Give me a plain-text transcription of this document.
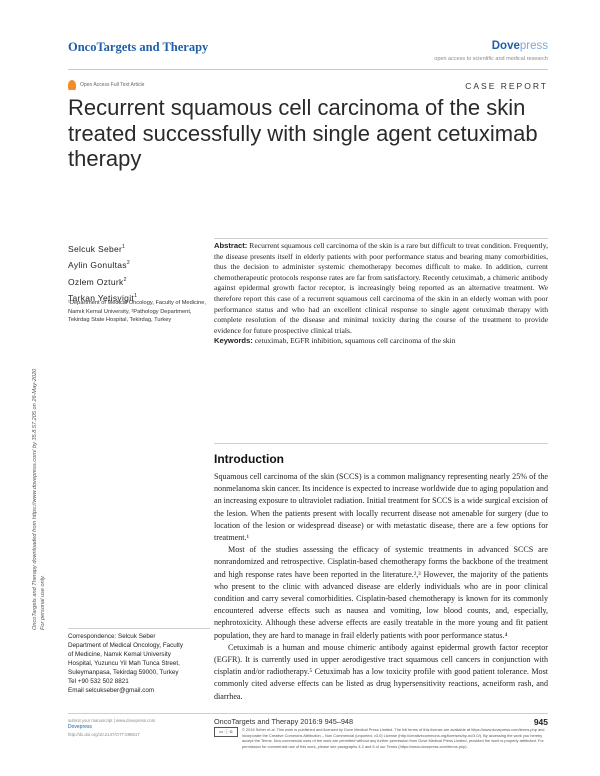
OncoTargets and Therapy	Dovepress
open access to scientific and medical research
Open Access Full Text Article	CASE REPORT
Recurrent squamous cell carcinoma of the skin treated successfully with single agent cetuximab therapy
OncoTargets and Therapy downloaded from https://www.dovepress.com/ by 35.8.57.205 on 26-May-2020 For personal use only.
Selcuk Seber$^1$
Aylin Gonultas$^2$
Ozlem Ozturk$^2$
Tarkan Yetisyigit$^1$
¹Department of Medical Oncology, Faculty of Medicine, Namık Kemal University, ²Pathology Department, Tekirdag State Hospital, Tekirdag, Turkey
Abstract: Recurrent squamous cell carcinoma of the skin is a rare but difficult to treat condition. Frequently, the disease presents itself in elderly patients with poor performance status and bearing many comorbidities, thus the decision to administer systemic chemotherapy becomes difficult to make. In addition, current chemotherapeutic protocols response rates are far from satisfactory. Recently cetuximab, a chimeric antibody against epidermal growth factor receptor, is increasingly being reported as an alternative treatment. We therefore report this case of a recurrent squamous cell carcinoma of the skin in an elderly woman with poor performance status and who had an excellent clinical response to single agent cetuximab therapy with complete resolution of the disease and minimal toxicity during the course of the treatment to provide evidence for future prospective clinical trials.
Keywords: cetuximab, EGFR inhibition, squamous cell carcinoma of the skin
Introduction

Squamous cell carcinoma of the skin (SCCS) is a common malignancy representing nearly 25% of the nonmelanoma skin cancer. Its incidence is expected to increase worldwide due to aging population and an increasing exposure to ultraviolet radiation. Initial treatment for SCCS is a wide surgical excision of the lesion. When the patients present with locally recurrent disease not amenable for surgery (due to location of the lesion or widespread disease) or with metastatic disease, there are a few options for treatment.¹

Most of the studies assessing the efficacy of systemic treatments in advanced SCCS are nonrandomized and retrospective. Cisplatin-based chemotherapy forms the backbone of the treatment and high response rates have been reported in the literature.²,³ However, the majority of the patients who present to the clinic with advanced disease are elderly individuals who are in poor clinical condition and carry several comorbidities. Cisplatin-based chemotherapy is known for its commonly encountered adverse effects such as nausea and vomiting, low blood counts, and, especially, nephrotoxicity. Although these adverse effects are easily treatable in the more young and fit patient population, they are hard to manage in frail elderly patients with poor performance status.⁴

Cetuximab is a human and mouse chimeric antibody against epidermal growth factor receptor (EGFR). It is currently used in upper aerodigestive tract squamous cell cancers in conjunction with cisplatin and/or radiotherapy.⁵ Cetuximab has a low toxicity profile with good patient tolerance. Most commonly cited adverse effects can be listed as drug hypersensitivity reactions, acneiform rash, and diarrhea.

Correspondence: Selcuk Seber
Department of Medical Oncology, Faculty
of Medicine, Namık Kemal University
Hospital, Yuzuncu Yil Mah Tunca Street,
Suleymanpasa, Tekirdag 59000, Turkey
Tel +90 532 502 8821
Email selcukseber@gmail.com
submit your manuscript | www.dovepress.com
Dovepress
http://dx.doi.org/10.2147/OTT.S98517
OncoTargets and Therapy 2016:9 945–948	945
cc ⓘ ⊜	© 2016 Seber et al. This work is published and licensed by Dove Medical Press Limited. The full terms of this license are available at https://www.dovepress.com/terms.php and incorporate the Creative Commons Attribution – Non Commercial (unported, v3.0) License (http://creativecommons.org/licenses/by-nc/3.0/). By accessing the work you hereby accept the Terms. Non-commercial uses of the work are permitted without any further permission from Dove Medical Press Limited, provided the work is properly attributed. For permission for commercial use of this work, please see paragraphs 4.2 and 5 of our Terms (https://www.dovepress.com/terms.php).
